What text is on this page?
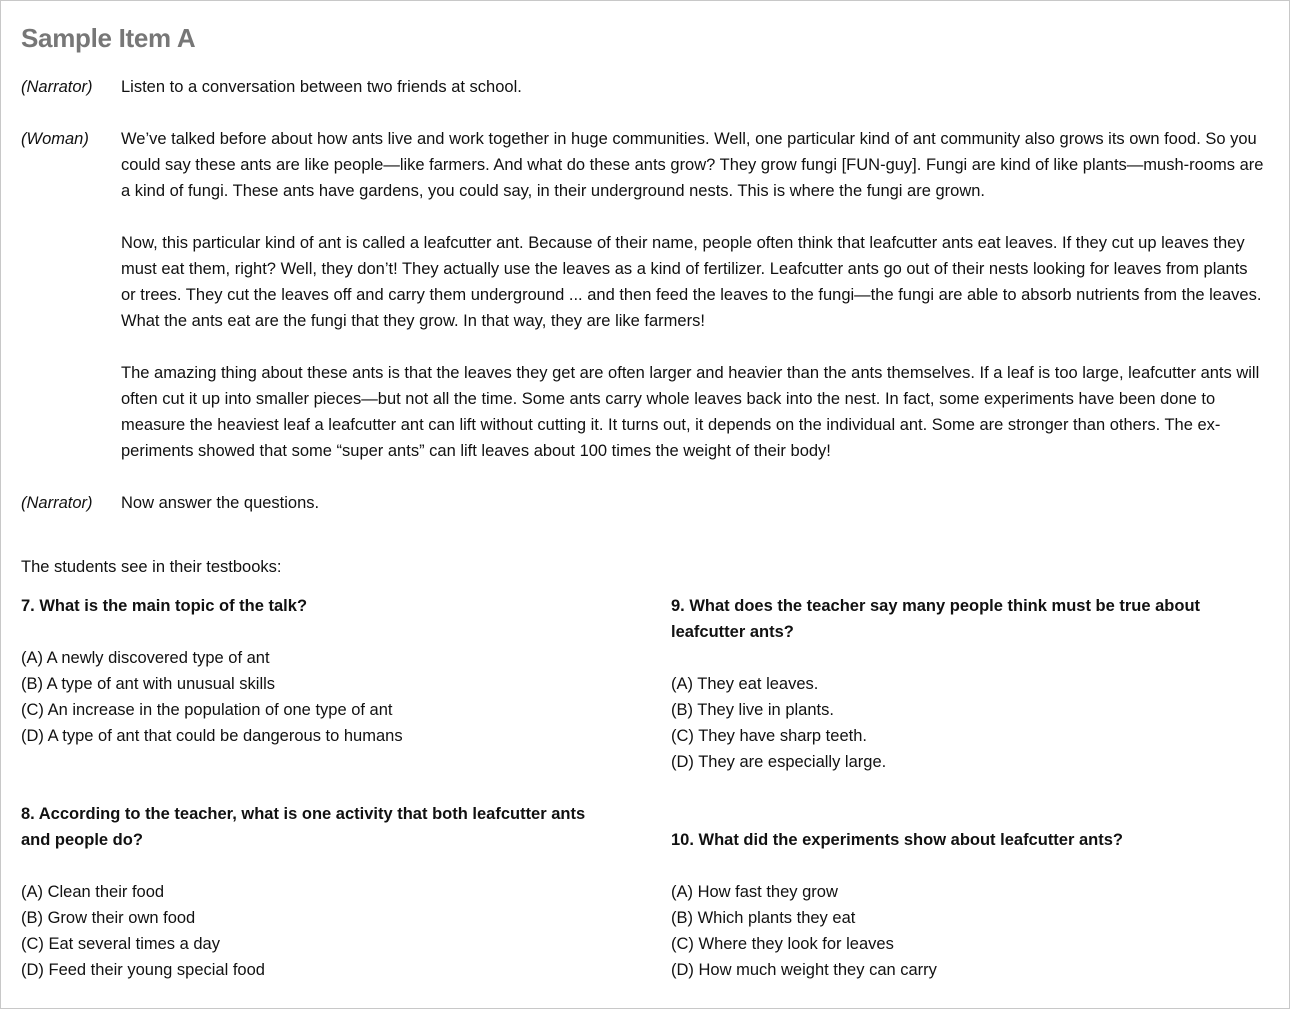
Sample Item A
(Narrator)	Listen to a conversation between two friends at school.

(Woman)	We’ve talked before about how ants live and work together in huge communities. Well, one particular kind of ant community also grows its own food. So you could say these ants are like people—like farmers. And what do these ants grow? They grow fungi [FUN-guy]. Fungi are kind of like plants—mush-rooms are a kind of fungi. These ants have gardens, you could say, in their underground nests. This is where the fungi are grown.

Now, this particular kind of ant is called a leafcutter ant. Because of their name, people often think that leafcutter ants eat leaves. If they cut up leaves they must eat them, right? Well, they don’t! They actually use the leaves as a kind of fertilizer. Leafcutter ants go out of their nests looking for leaves from plants or trees. They cut the leaves off and carry them underground ... and then feed the leaves to the fungi—the fungi are able to absorb nutrients from the leaves. What the ants eat are the fungi that they grow. In that way, they are like farmers!

The amazing thing about these ants is that the leaves they get are often larger and heavier than the ants themselves. If a leaf is too large, leafcutter ants will often cut it up into smaller pieces—but not all the time. Some ants carry whole leaves back into the nest. In fact, some experiments have been done to measure the heaviest leaf a leafcutter ant can lift without cutting it. It turns out, it depends on the individual ant. Some are stronger than others. The ex-periments showed that some “super ants” can lift leaves about 100 times the weight of their body!

(Narrator)	Now answer the questions.

The students see in their testbooks:
7. What is the main topic of the talk?
(A) A newly discovered type of ant
(B) A type of ant with unusual skills
(C) An increase in the population of one type of ant
(D) A type of ant that could be dangerous to humans
8. According to the teacher, what is one activity that both leafcutter ants and people do?
(A) Clean their food
(B) Grow their own food
(C) Eat several times a day
(D) Feed their young special food
9. What does the teacher say many people think must be true about leafcutter ants?
(A) They eat leaves.
(B) They live in plants.
(C) They have sharp teeth.
(D) They are especially large.
10. What did the experiments show about leafcutter ants?
(A) How fast they grow
(B) Which plants they eat
(C) Where they look for leaves
(D) How much weight they can carry
